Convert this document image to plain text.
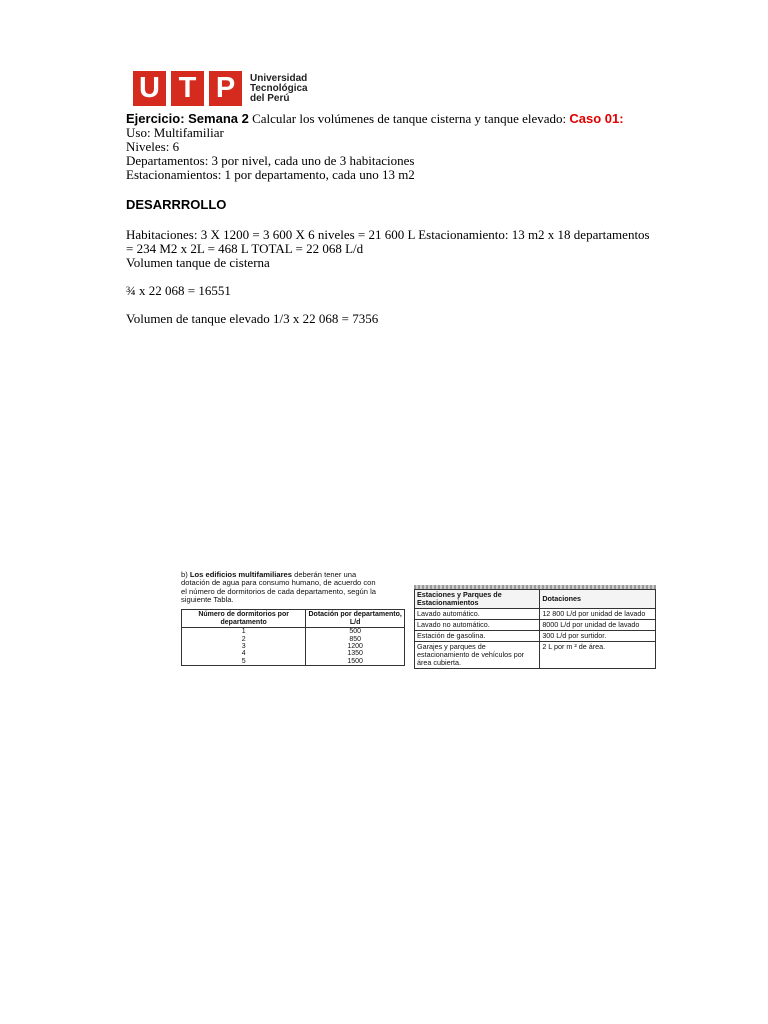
U T P	Universidad
Tecnológica
del Perú
Ejercicio: Semana 2 Calcular los volúmenes de tanque cisterna y tanque elevado: Caso 01:
Uso: Multifamiliar
Niveles: 6
Departamentos: 3 por nivel, cada uno de 3 habitaciones
Estacionamientos: 1 por departamento, cada uno 13 m2
DESARRROLLO
Habitaciones: 3 X 1200 = 3 600 X 6 niveles = 21 600 L Estacionamiento: 13 m2 x 18 departamentos
= 234 M2 x 2L = 468 L TOTAL = 22 068 L/d
Volumen tanque de cisterna
¾ x 22 068 = 16551
Volumen de tanque elevado 1/3 x 22 068 = 7356
b) Los edificios multifamiliares deberán tener una
dotación de agua para consumo humano, de acuerdo con
el número de dormitorios de cada departamento, según la
siguiente Tabla.
Número de dormitorios por departamento	Dotación por departamento, L/d
1	500
2	850
3	1200
4	1350
5	1500
Estaciones y Parques de Estacionamientos	Dotaciones
Lavado automático.	12 800 L/d por unidad de lavado
Lavado no automático.	8000 L/d por unidad de lavado
Estación de gasolina.	300 L/d por surtidor.
Garajes y parques de estacionamiento de vehículos por área cubierta.	2 L por m ² de área.
